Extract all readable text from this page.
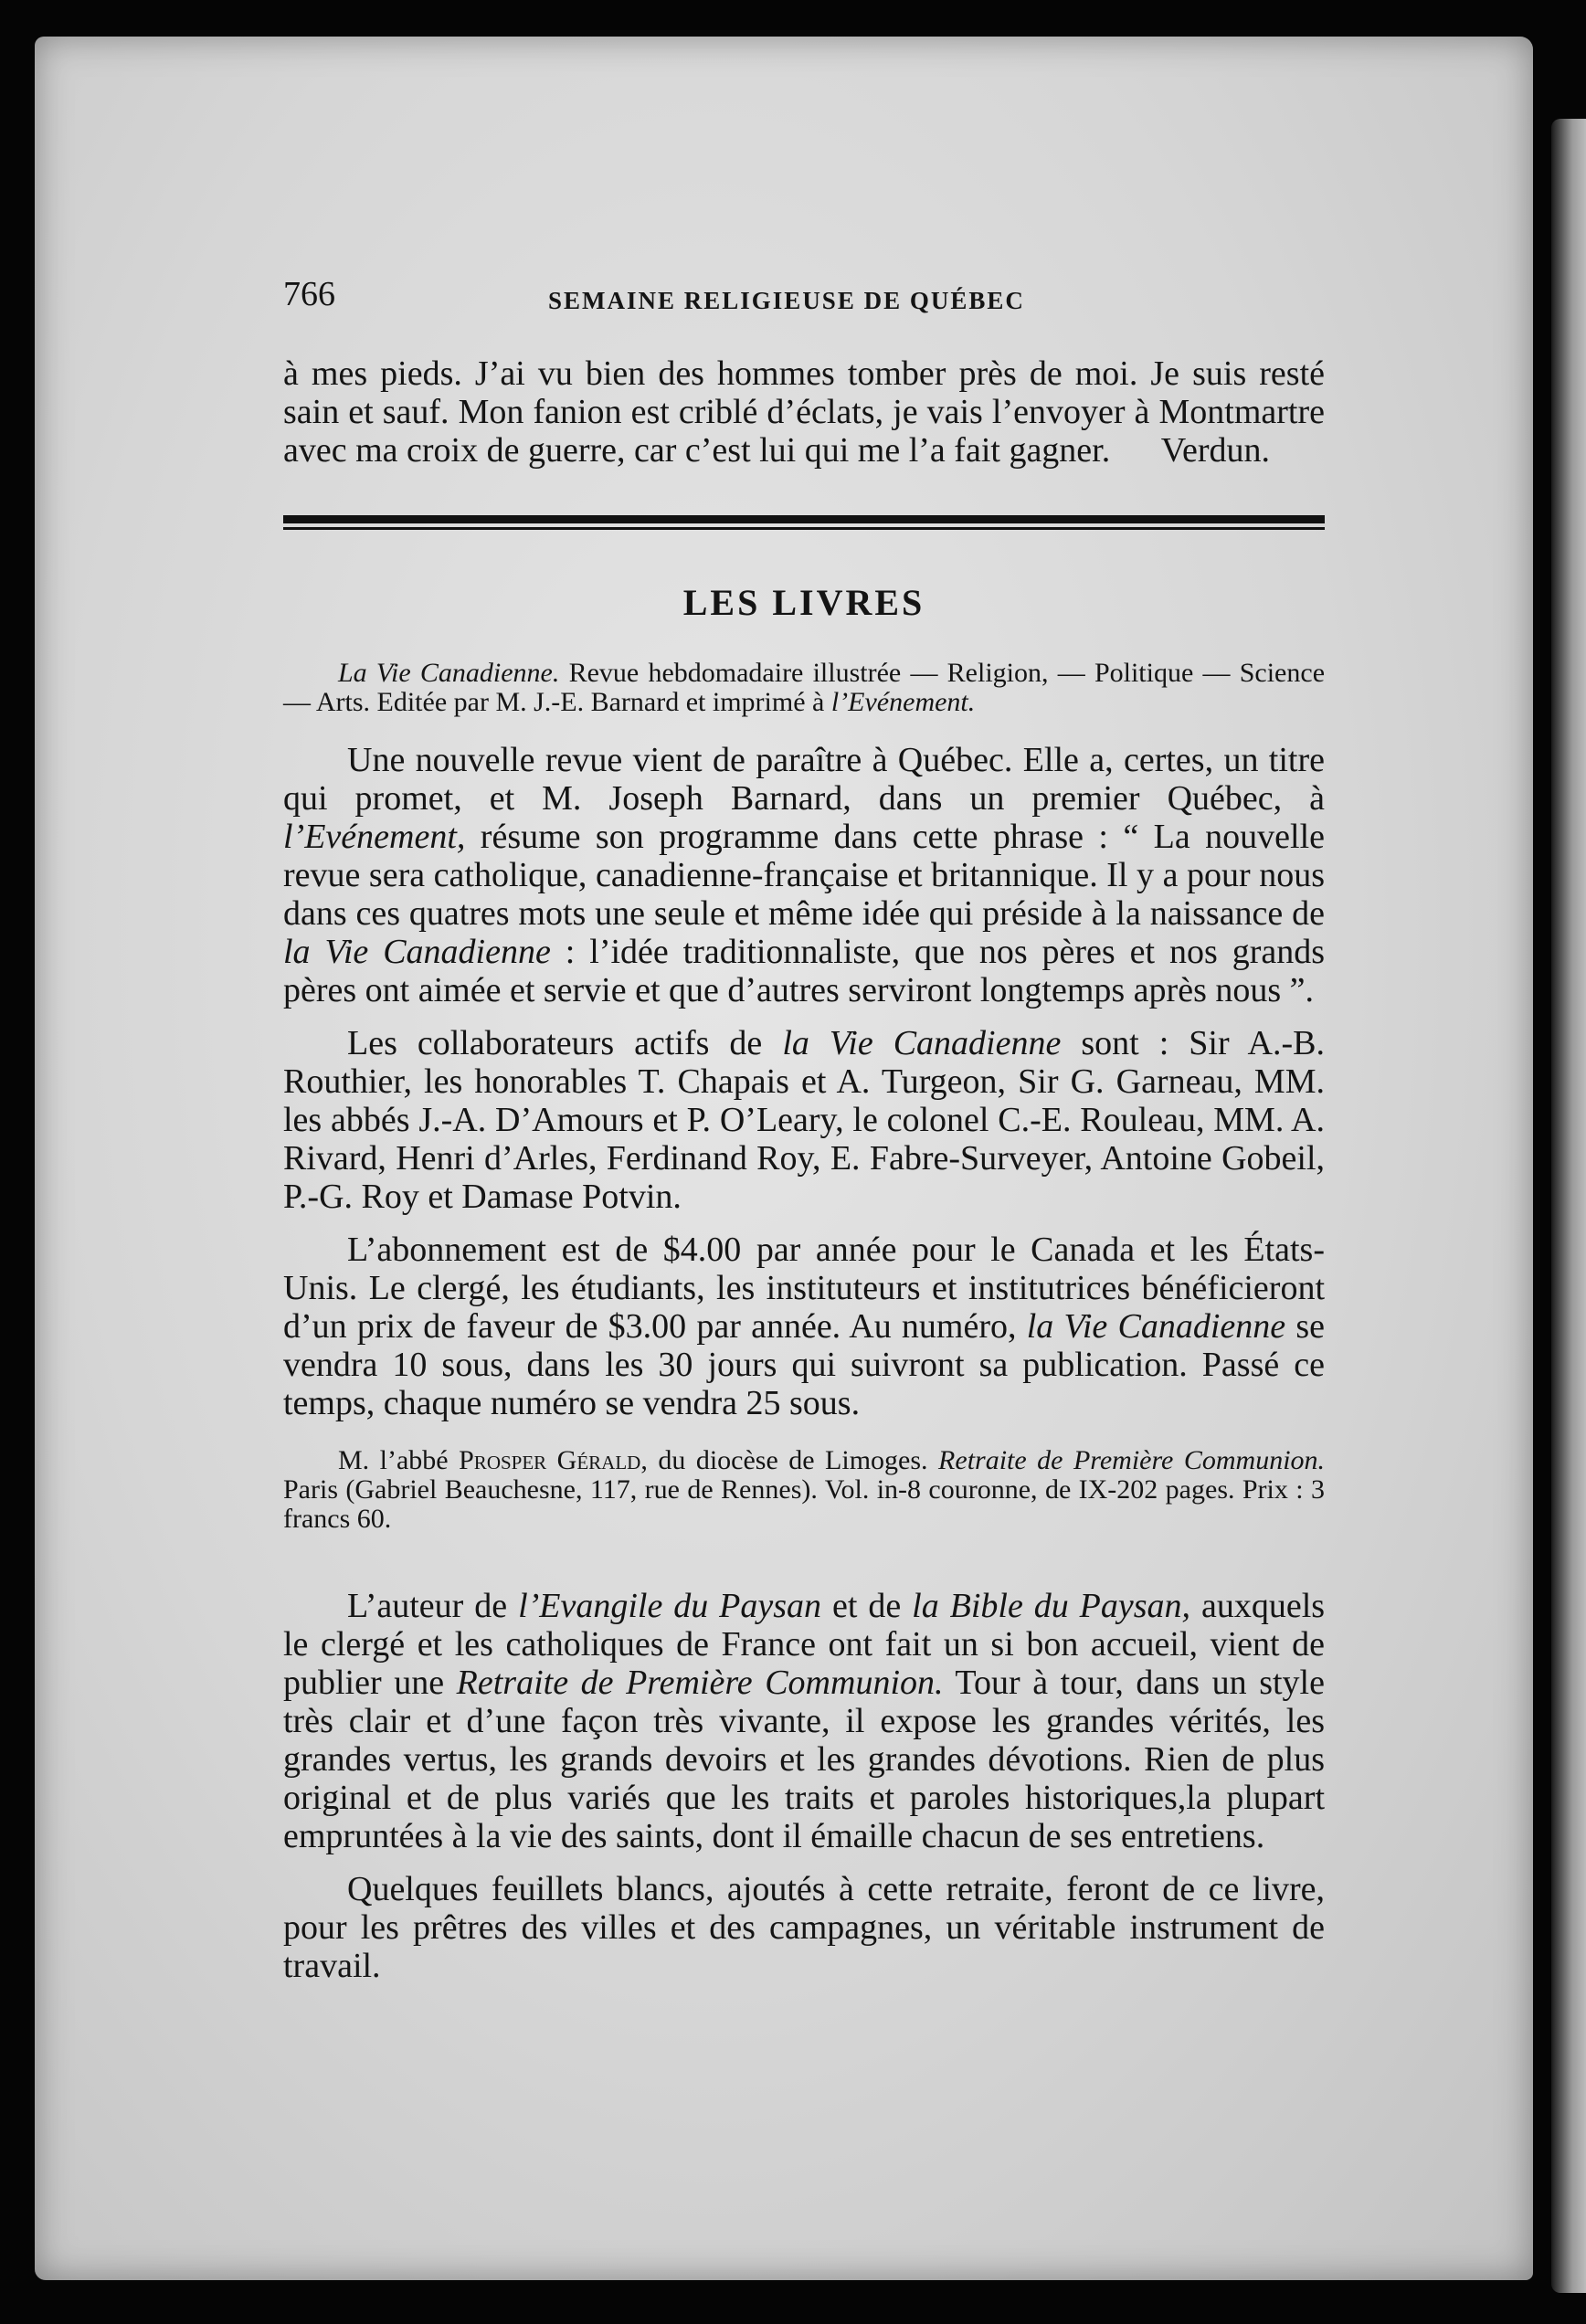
766	SEMAINE RELIGIEUSE DE QUÉBEC

à mes pieds. J’ai vu bien des hommes tomber près de moi. Je suis resté sain et sauf. Mon fanion est criblé d’éclats, je vais l’envoyer à Montmartre avec ma croix de guerre, car c’est lui qui me l’a fait gagner.	Verdun.

LES LIVRES

La Vie Canadienne. Revue hebdomadaire illustrée — Religion, — Politique — Science — Arts. Editée par M. J.-E. Barnard et imprimé à l’Evénement.

Une nouvelle revue vient de paraître à Québec. Elle a, certes, un titre qui promet, et M. Joseph Barnard, dans un premier Québec, à l’Evénement, résume son programme dans cette phrase : “ La nouvelle revue sera catholique, canadienne-française et britannique. Il y a pour nous dans ces quatres mots une seule et même idée qui préside à la naissance de la Vie Canadienne : l’idée traditionnaliste, que nos pères et nos grands pères ont aimée et servie et que d’autres serviront longtemps après nous ”.

Les collaborateurs actifs de la Vie Canadienne sont : Sir A.-B. Routhier, les honorables T. Chapais et A. Turgeon, Sir G. Garneau, MM. les abbés J.-A. D’Amours et P. O’Leary, le colonel C.-E. Rouleau, MM. A. Rivard, Henri d’Arles, Ferdinand Roy, E. Fabre-Surveyer, Antoine Gobeil, P.-G. Roy et Damase Potvin.

L’abonnement est de $4.00 par année pour le Canada et les États-Unis. Le clergé, les étudiants, les instituteurs et institutrices bénéficieront d’un prix de faveur de $3.00 par année. Au numéro, la Vie Canadienne se vendra 10 sous, dans les 30 jours qui suivront sa publication. Passé ce temps, chaque numéro se vendra 25 sous.

M. l’abbé Prosper Gérald, du diocèse de Limoges. Retraite de Première Communion. Paris (Gabriel Beauchesne, 117, rue de Rennes). Vol. in-8 couronne, de IX-202 pages. Prix : 3 francs 60.

L’auteur de l’Evangile du Paysan et de la Bible du Paysan, auxquels le clergé et les catholiques de France ont fait un si bon accueil, vient de publier une Retraite de Première Communion. Tour à tour, dans un style très clair et d’une façon très vivante, il expose les grandes vérités, les grandes vertus, les grands devoirs et les grandes dévotions. Rien de plus original et de plus variés que les traits et paroles historiques,la plupart empruntées à la vie des saints, dont il émaille chacun de ses entretiens.

Quelques feuillets blancs, ajoutés à cette retraite, feront de ce livre, pour les prêtres des villes et des campagnes, un véritable instrument de travail.
